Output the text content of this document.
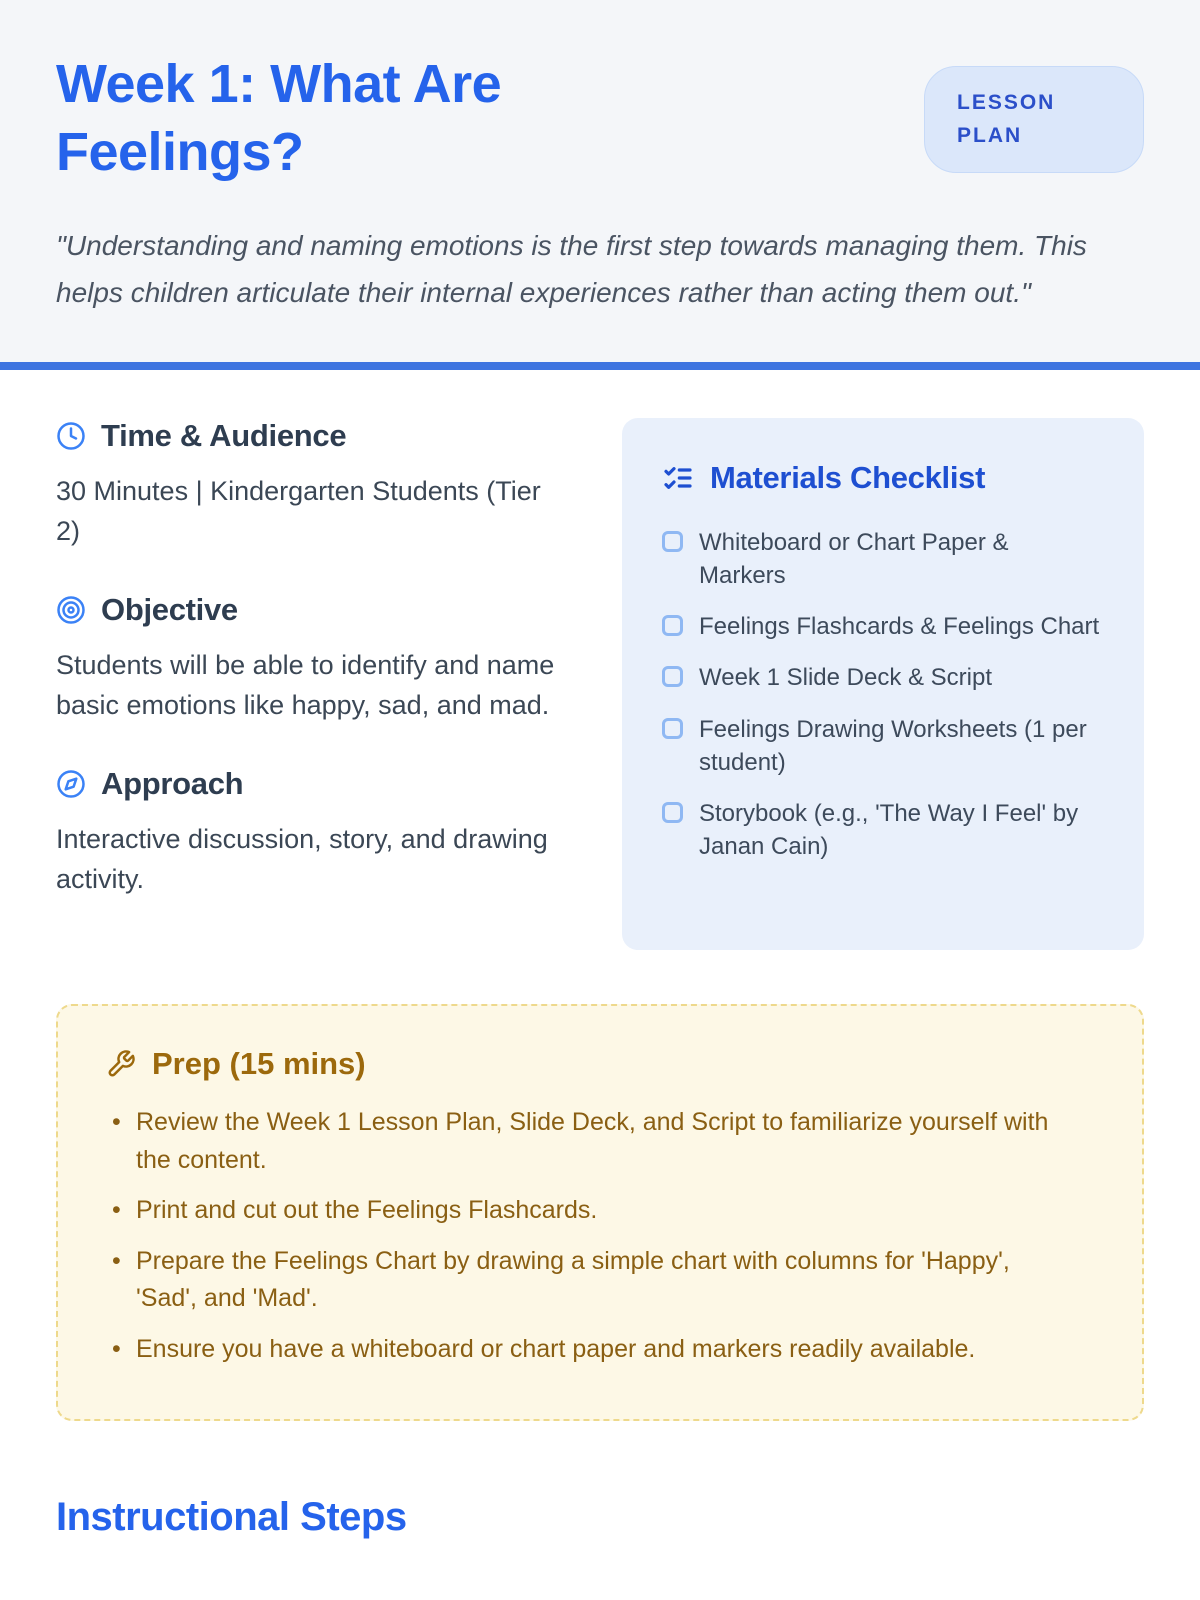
Week 1: What Are Feelings?
LESSON PLAN

"Understanding and naming emotions is the first step towards managing them. This helps children articulate their internal experiences rather than acting them out."

Time & Audience

30 Minutes | Kindergarten Students (Tier 2)

Objective

Students will be able to identify and name basic emotions like happy, sad, and mad.

Approach

Interactive discussion, story, and drawing activity.

Materials Checklist
Whiteboard or Chart Paper & Markers
Feelings Flashcards & Feelings Chart
Week 1 Slide Deck & Script
Feelings Drawing Worksheets (1 per student)
Storybook (e.g., 'The Way I Feel' by Janan Cain)
Prep (15 mins)
• Review the Week 1 Lesson Plan, Slide Deck, and Script to familiarize yourself with the content.
• Print and cut out the Feelings Flashcards.
• Prepare the Feelings Chart by drawing a simple chart with columns for 'Happy', 'Sad', and 'Mad'.
• Ensure you have a whiteboard or chart paper and markers readily available.
Instructional Steps
